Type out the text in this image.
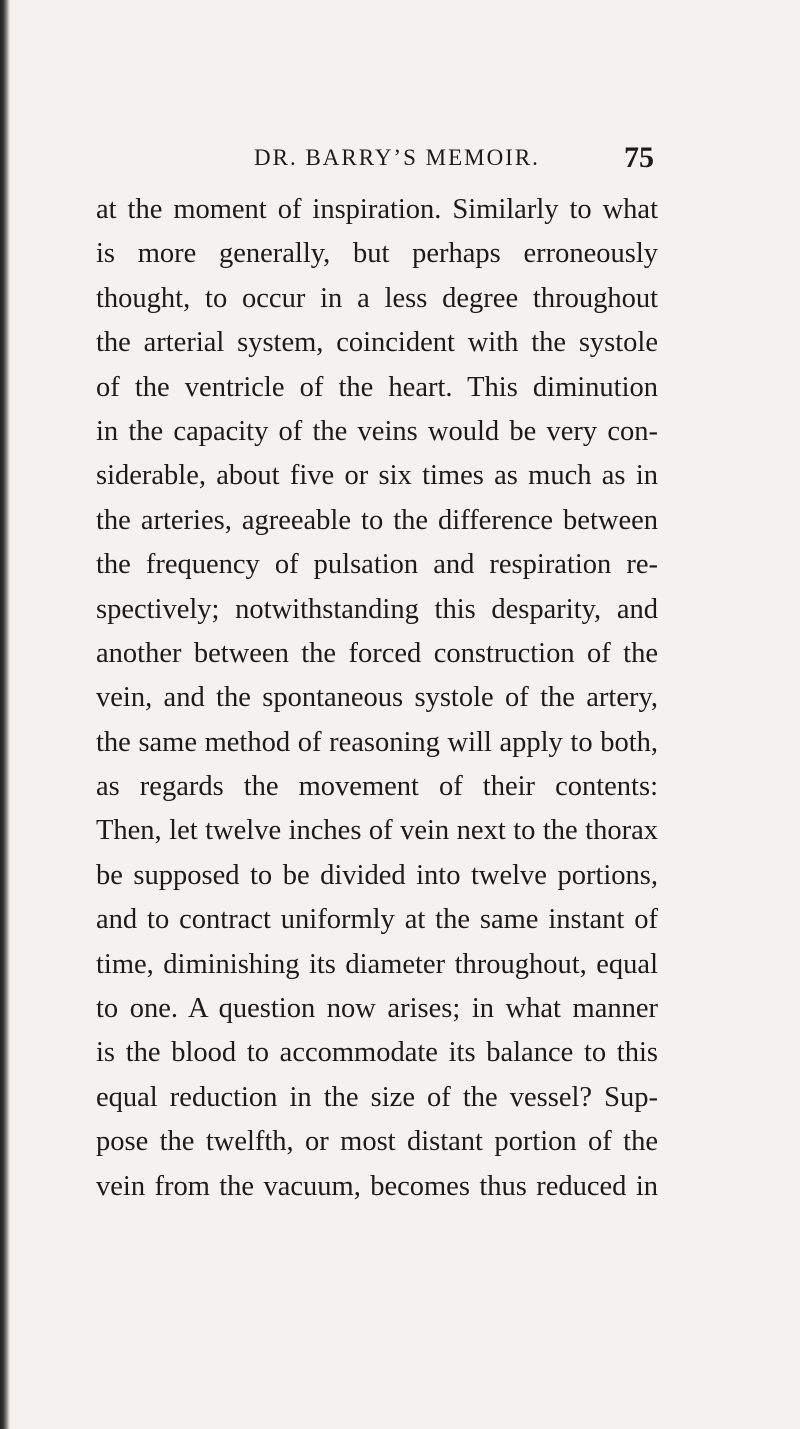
DR. BARRY’S MEMOIR.	75
at the moment of inspiration. Similarly to what
is more generally, but perhaps erroneously
thought, to occur in a less degree throughout
the arterial system, coincident with the systole
of the ventricle of the heart. This diminution
in the capacity of the veins would be very con-
siderable, about five or six times as much as in
the arteries, agreeable to the difference between
the frequency of pulsation and respiration re-
spectively; notwithstanding this desparity, and
another between the forced construction of the
vein, and the spontaneous systole of the artery,
the same method of reasoning will apply to both,
as regards the movement of their contents:
Then, let twelve inches of vein next to the thorax
be supposed to be divided into twelve portions,
and to contract uniformly at the same instant of
time, diminishing its diameter throughout, equal
to one. A question now arises; in what manner
is the blood to accommodate its balance to this
equal reduction in the size of the vessel? Sup-
pose the twelfth, or most distant portion of the
vein from the vacuum, becomes thus reduced in
